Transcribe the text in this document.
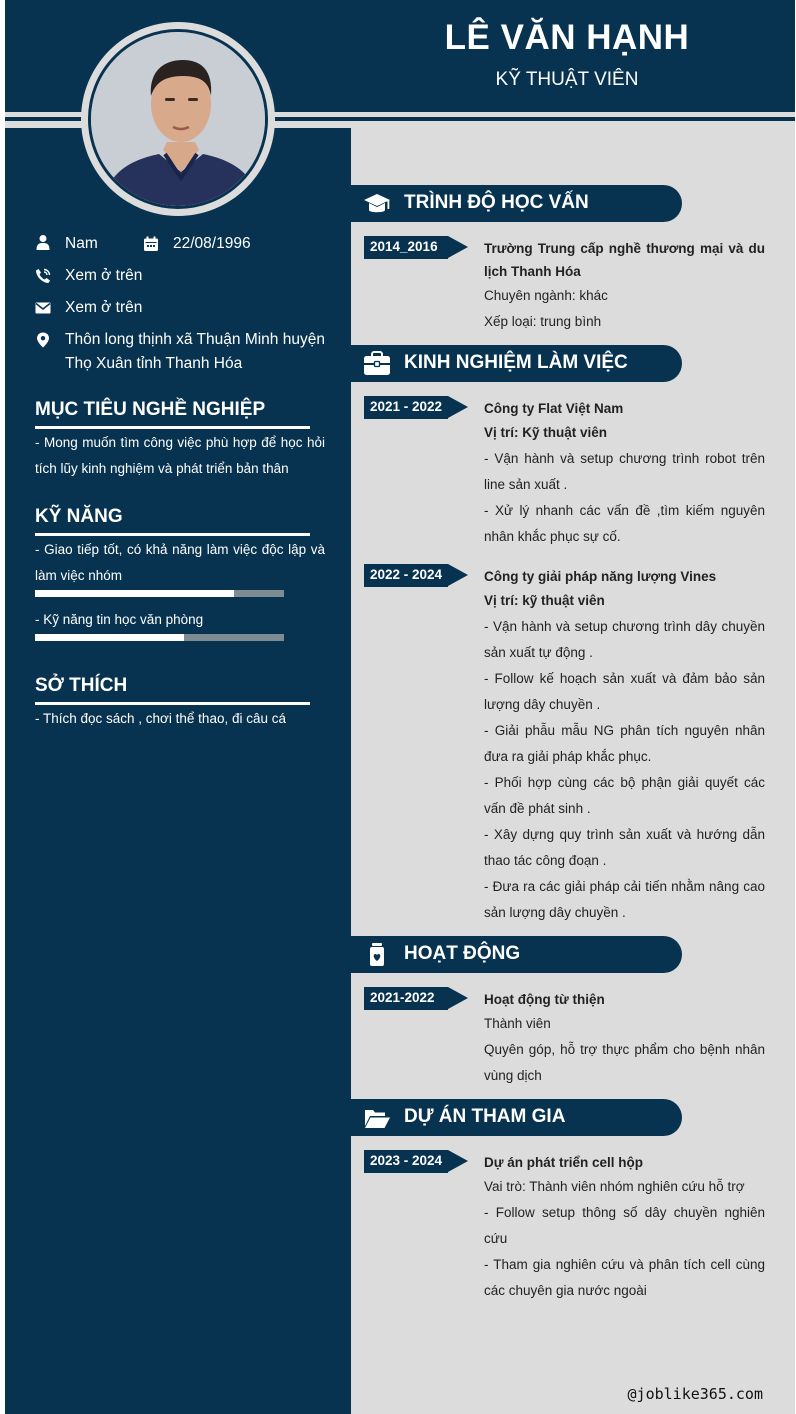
LÊ VĂN HẠNH
KỸ THUẬT VIÊN
Nam	22/08/1996
Xem ở trên
Xem ở trên
Thôn long thịnh xã Thuận Minh huyện Thọ Xuân tỉnh Thanh Hóa
MỤC TIÊU NGHỀ NGHIỆP
- Mong muốn tìm công việc phù hợp để học hỏi tích lũy kinh nghiệm và phát triển bản thân
KỸ NĂNG
- Giao tiếp tốt, có khả năng làm việc độc lập và làm việc nhóm
- Kỹ năng tin học văn phòng
SỞ THÍCH
- Thích đọc sách , chơi thể thao, đi câu cá
TRÌNH ĐỘ HỌC VẤN
2014_2016	Trường Trung cấp nghề thương mại và du lịch Thanh Hóa
Chuyên ngành: khác
Xếp loại: trung bình
KINH NGHIỆM LÀM VIỆC
2021 - 2022	Công ty Flat Việt Nam
Vị trí: Kỹ thuật viên
- Vận hành và setup chương trình robot trên line sản xuất .
- Xử lý nhanh các vấn đề ,tìm kiếm nguyên nhân khắc phục sự cố.
2022 - 2024	Công ty giải pháp năng lượng Vines
Vị trí: kỹ thuật viên
- Vận hành và setup chương trình dây chuyền sản xuất tự động .
- Follow kế hoạch sản xuất và đảm bảo sản lượng dây chuyền .
- Giải phẫu mẫu NG phân tích nguyên nhân đưa ra giải pháp khắc phục.
- Phối hợp cùng các bộ phận giải quyết các vấn đề phát sinh .
- Xây dựng quy trình sản xuất và hướng dẫn thao tác công đoạn .
- Đưa ra các giải pháp cải tiến nhằm nâng cao sản lượng dây chuyền .
HOẠT ĐỘNG
2021-2022	Hoạt động từ thiện
Thành viên
Quyên góp, hỗ trợ thực phẩm cho bệnh nhân vùng dịch
DỰ ÁN THAM GIA
2023 - 2024	Dự án phát triển cell hộp
Vai trò: Thành viên nhóm nghiên cứu hỗ trợ
- Follow setup thông số dây chuyền nghiên cứu
- Tham gia nghiên cứu và phân tích cell cùng các chuyên gia nước ngoài
@joblike365.com
